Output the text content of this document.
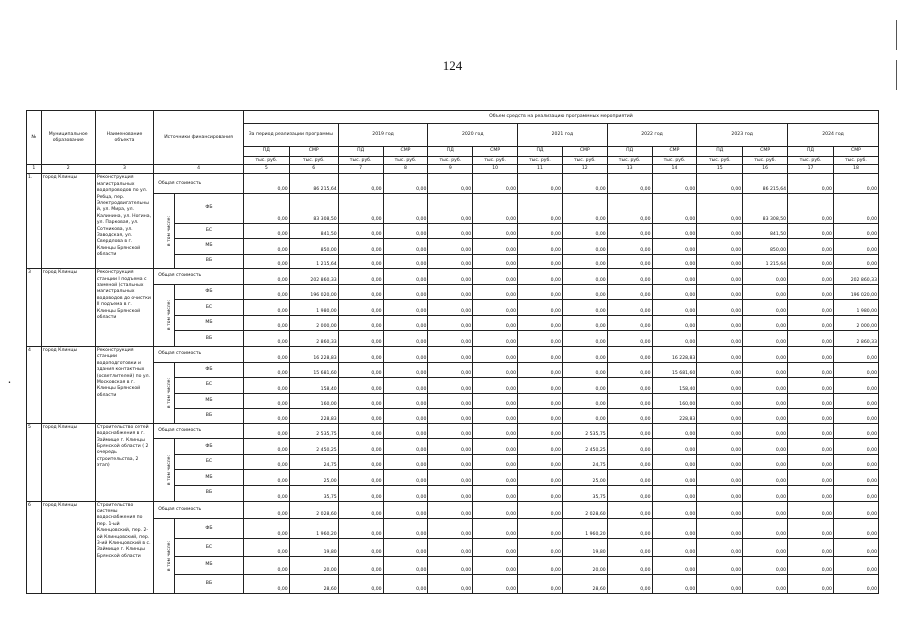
124
•
№	Муниципальное образование	Наименование объекта	Источники финансирования		Объем средств на реализацию программных мероприятий													
					За период реализации программы		2019 год		2020 год		2021 год		2022 год		2023 год		2024 год	
					ПД	СМР	ПД	СМР	ПД	СМР	ПД	СМР	ПД	СМР	ПД	СМР	ПД	СМР
					тыс. руб.	тыс. руб.	тыс. руб.	тыс. руб.	тыс. руб.	тыс. руб.	тыс. руб.	тыс. руб.	тыс. руб.	тыс. руб.	тыс. руб.	тыс. руб.	тыс. руб.	тыс. руб.
1	2	3	4		5	6	7	8	9	10	11	12	13	14	15	16	17	18
1.	город Клинцы	Реконструкция магистральных водопроводов по ул. Ребца, пер. Электродвигательны й, ул. Мира, ул. Калинина, ул. Ногина, ул. Парковая, ул. Сотникова, ул. Заводская, ул. Свердлова в г. Клинцы Брянской области	Общая стоимость		0,00	86 215,64	0,00	0,00	0,00	0,00	0,00	0,00	0,00	0,00	0,00	86 215,64	0,00	0,00
			в том числе:	ФБ	0,00	83 308,50	0,00	0,00	0,00	0,00	0,00	0,00	0,00	0,00	0,00	83 308,50	0,00	0,00
				БС	0,00	841,50	0,00	0,00	0,00	0,00	0,00	0,00	0,00	0,00	0,00	841,50	0,00	0,00
				МБ	0,00	850,00	0,00	0,00	0,00	0,00	0,00	0,00	0,00	0,00	0,00	850,00	0,00	0,00
				ВБ	0,00	1 215,64	0,00	0,00	0,00	0,00	0,00	0,00	0,00	0,00	0,00	1 215,64	0,00	0,00
3	город Клинцы	Реконструкция станции I подъема с заменой (стальных магистральных водоводов до очистки II подъема в г. Клинцы Брянской области	Общая стоимость		0,00	202 860,33	0,00	0,00	0,00	0,00	0,00	0,00	0,00	0,00	0,00	0,00	0,00	202 860,33
			в том числе:	ФБ	0,00	196 020,00	0,00	0,00	0,00	0,00	0,00	0,00	0,00	0,00	0,00	0,00	0,00	196 020,00
				БС	0,00	1 980,00	0,00	0,00	0,00	0,00	0,00	0,00	0,00	0,00	0,00	0,00	0,00	1 980,00
				МБ	0,00	2 000,00	0,00	0,00	0,00	0,00	0,00	0,00	0,00	0,00	0,00	0,00	0,00	2 000,00
				ВБ	0,00	2 860,33	0,00	0,00	0,00	0,00	0,00	0,00	0,00	0,00	0,00	0,00	0,00	2 860,33
4	город Клинцы	Реконструкция станции водоподготовки и здания контактных (осветлителей) по ул. Московская в г. Клинцы Брянской области	Общая стоимость		0,00	16 228,83	0,00	0,00	0,00	0,00	0,00	0,00	0,00	16 228,83	0,00	0,00	0,00	0,00
			в том числе:	ФБ	0,00	15 681,60	0,00	0,00	0,00	0,00	0,00	0,00	0,00	15 681,60	0,00	0,00	0,00	0,00
				БС	0,00	158,40	0,00	0,00	0,00	0,00	0,00	0,00	0,00	158,40	0,00	0,00	0,00	0,00
				МБ	0,00	160,00	0,00	0,00	0,00	0,00	0,00	0,00	0,00	160,00	0,00	0,00	0,00	0,00
				ВБ	0,00	228,83	0,00	0,00	0,00	0,00	0,00	0,00	0,00	228,83	0,00	0,00	0,00	0,00
5	город Клинцы	Строительство сетей водоснабжения в г. Займище г. Клинцы Брянской области ( 2 очередь строительства, 2 этап)	Общая стоимость		0,00	2 535,75	0,00	0,00	0,00	0,00	0,00	2 535,75	0,00	0,00	0,00	0,00	0,00	0,00
			в том числе:	ФБ	0,00	2 450,25	0,00	0,00	0,00	0,00	0,00	2 450,25	0,00	0,00	0,00	0,00	0,00	0,00
				БС	0,00	24,75	0,00	0,00	0,00	0,00	0,00	24,75	0,00	0,00	0,00	0,00	0,00	0,00
				МБ	0,00	25,00	0,00	0,00	0,00	0,00	0,00	25,00	0,00	0,00	0,00	0,00	0,00	0,00
				ВБ	0,00	35,75	0,00	0,00	0,00	0,00	0,00	35,75	0,00	0,00	0,00	0,00	0,00	0,00
6	город Клинцы	Строительство системы водоснабжения по пер. 1-ый Клинцовский, пер. 2-ой Клинцовский, пер. 3-ий Клинцовский в с. Займище г. Клинцы Брянской области	Общая стоимость		0,00	2 028,60	0,00	0,00	0,00	0,00	0,00	2 028,60	0,00	0,00	0,00	0,00	0,00	0,00
			в том числе:	ФБ	0,00	1 960,20	0,00	0,00	0,00	0,00	0,00	1 960,20	0,00	0,00	0,00	0,00	0,00	0,00
				БС	0,00	19,80	0,00	0,00	0,00	0,00	0,00	19,80	0,00	0,00	0,00	0,00	0,00	0,00
				МБ	0,00	20,00	0,00	0,00	0,00	0,00	0,00	20,00	0,00	0,00	0,00	0,00	0,00	0,00
				ВБ	0,00	28,60	0,00	0,00	0,00	0,00	0,00	28,60	0,00	0,00	0,00	0,00	0,00	0,00
